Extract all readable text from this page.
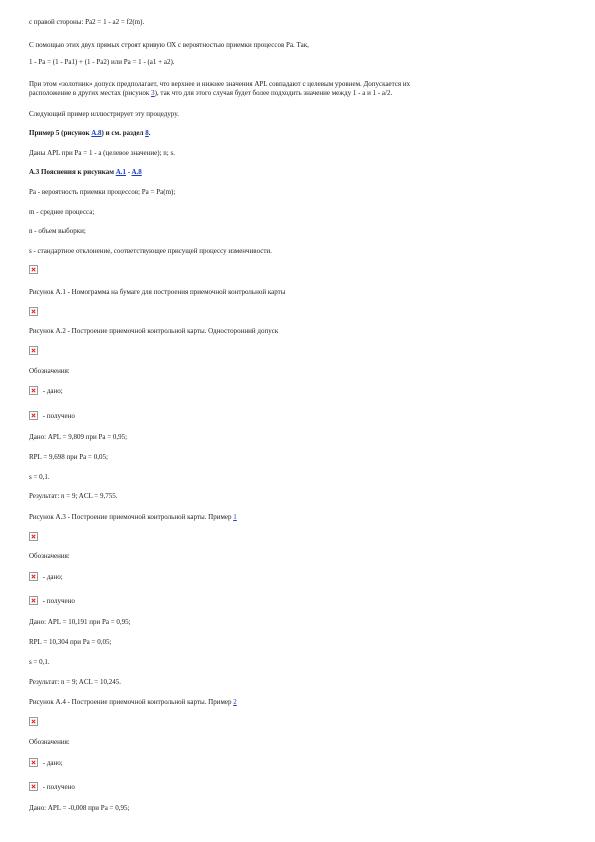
с правой стороны: Pa2 = 1 - a2 = f2(m).
С помощью этих двух прямых строят кривую ОХ с вероятностью приемки процессов Pa. Так,
1 - Pa = (1 - Pa1) + (1 - Pa2) или Pa = 1 - (a1 + a2).
При этом «золотник» допуск предполагает, что верхнее и нижнее значения APL совпадают с целевым уровнем. Допускается их
расположение в других местах (рисунок 3), так что для этого случая будет более подходить значение между 1 - a и 1 - a/2.
Следующий пример иллюстрирует эту процедуру.
Пример 5 (рисунок A.8) и см. раздел 8.
Даны APL при Pa = 1 - a (целевое значение); n; s.
A.3 Пояснения к рисункам A.1 - A.8
Pa - вероятность приемки процессов; Pa = Pa(m);
m - среднее процесса;
n - объем выборки;
s - стандартное отклонение, соответствующее присущей процессу изменчивости.
Рисунок A.1 - Номограмма на бумаге для построения приемочной контрольной карты
Рисунок A.2 - Построение приемочной контрольной карты. Односторонний допуск
Обозначения:
- дано;
- получено
Дано: APL = 9,809 при Pa = 0,95;
RPL = 9,698 при Pa = 0,05;
s = 0,1.
Результат: n = 9; ACL = 9,755.
Рисунок A.3 - Построение приемочной контрольной карты. Пример 1
Обозначения:
- дано;
- получено
Дано: APL = 10,191 при Pa = 0,95;
RPL = 10,304 при Pa = 0,05;
s = 0,1.
Результат: n = 9; ACL = 10,245.
Рисунок A.4 - Построение приемочной контрольной карты. Пример 2
Обозначения:
- дано;
- получено
Дано: APL = -0,008 при Pa = 0,95;
